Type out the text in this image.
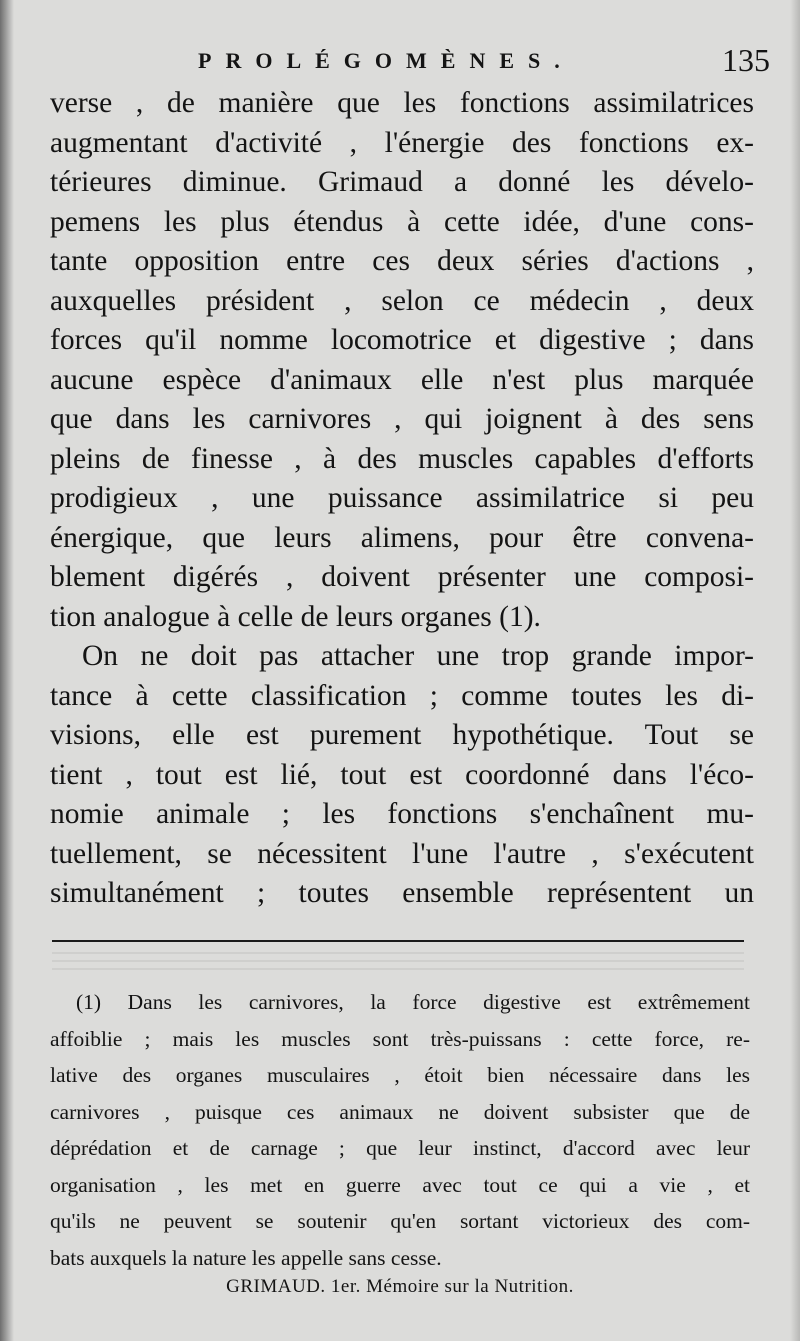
PROLÉGOMÈNES.	135
verse , de manière que les fonctions assimilatrices
augmentant d'activité , l'énergie des fonctions ex-
térieures diminue. Grimaud a donné les dévelo-
pemens les plus étendus à cette idée, d'une cons-
tante opposition entre ces deux séries d'actions ,
auxquelles président , selon ce médecin , deux
forces qu'il nomme locomotrice et digestive ; dans
aucune espèce d'animaux elle n'est plus marquée
que dans les carnivores , qui joignent à des sens
pleins de finesse , à des muscles capables d'efforts
prodigieux , une puissance assimilatrice si peu
énergique, que leurs alimens, pour être convena-
blement digérés , doivent présenter une composi-
tion analogue à celle de leurs organes (1).
On ne doit pas attacher une trop grande impor-
tance à cette classification ; comme toutes les di-
visions, elle est purement hypothétique. Tout se
tient , tout est lié, tout est coordonné dans l'éco-
nomie animale ; les fonctions s'enchaînent mu-
tuellement, se nécessitent l'une l'autre , s'exécutent
simultanément ; toutes ensemble représentent un
(1) Dans les carnivores, la force digestive est extrêmement
affoiblie ; mais les muscles sont très-puissans : cette force, re-
lative des organes musculaires , étoit bien nécessaire dans les
carnivores , puisque ces animaux ne doivent subsister que de
déprédation et de carnage ; que leur instinct, d'accord avec leur
organisation , les met en guerre avec tout ce qui a vie , et
qu'ils ne peuvent se soutenir qu'en sortant victorieux des com-
bats auxquels la nature les appelle sans cesse.
GRIMAUD. 1er. Mémoire sur la Nutrition.
